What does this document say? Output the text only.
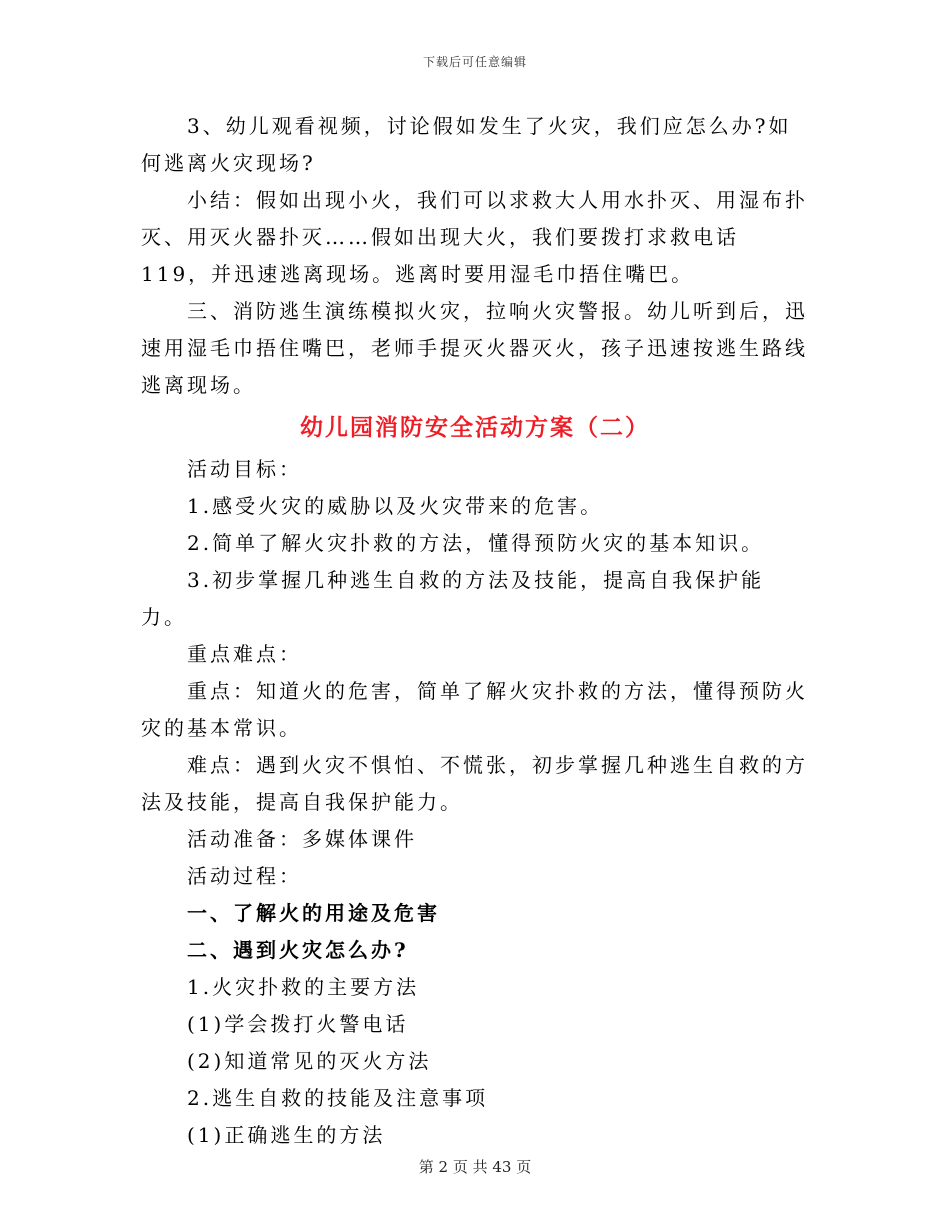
下载后可任意编辑

3、幼儿观看视频，讨论假如发生了火灾，我们应怎么办?如何逃离火灾现场?

小结：假如出现小火，我们可以求救大人用水扑灭、用湿布扑灭、用灭火器扑灭……假如出现大火，我们要拨打求救电话119，并迅速逃离现场。逃离时要用湿毛巾捂住嘴巴。

三、消防逃生演练模拟火灾，拉响火灾警报。幼儿听到后，迅速用湿毛巾捂住嘴巴，老师手提灭火器灭火，孩子迅速按逃生路线逃离现场。

幼儿园消防安全活动方案（二）

活动目标：

1.感受火灾的威胁以及火灾带来的危害。

2.简单了解火灾扑救的方法，懂得预防火灾的基本知识。

3.初步掌握几种逃生自救的方法及技能，提高自我保护能力。

重点难点：

重点：知道火的危害，简单了解火灾扑救的方法，懂得预防火灾的基本常识。

难点：遇到火灾不惧怕、不慌张，初步掌握几种逃生自救的方法及技能，提高自我保护能力。

活动准备：多媒体课件

活动过程：

一、了解火的用途及危害

二、遇到火灾怎么办?

1.火灾扑救的主要方法

(1)学会拨打火警电话

(2)知道常见的灭火方法

2.逃生自救的技能及注意事项

(1)正确逃生的方法

第 2 页 共 43 页
